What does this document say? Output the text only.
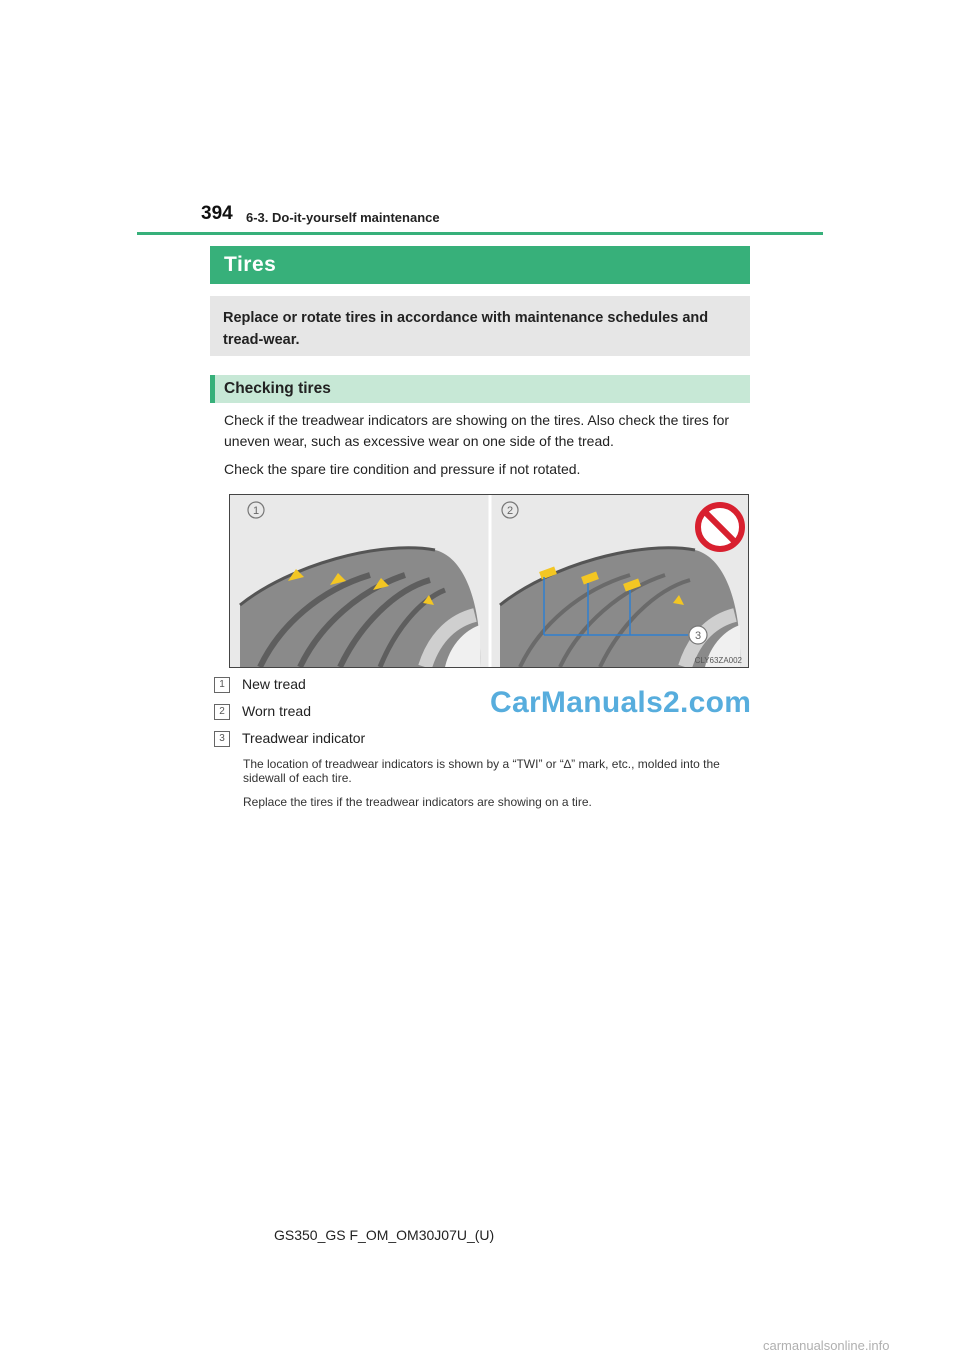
394 6-3. Do-it-yourself maintenance
Tires

Replace or rotate tires in accordance with maintenance schedules and tread-wear.

Checking tires

Check if the treadwear indicators are showing on the tires. Also check the tires for uneven wear, such as excessive wear on one side of the tread.

Check the spare tire condition and pressure if not rotated.

1
3
2
CLY63ZA002
1	New tread
2	Worn tread
3	Treadwear indicator

The location of treadwear indicators is shown by a “TWI” or “∆” mark, etc., molded into the sidewall of each tire.

Replace the tires if the treadwear indicators are showing on a tire.

CarManuals2.com
GS350_GS F_OM_OM30J07U_(U)
carmanualsonline.info
